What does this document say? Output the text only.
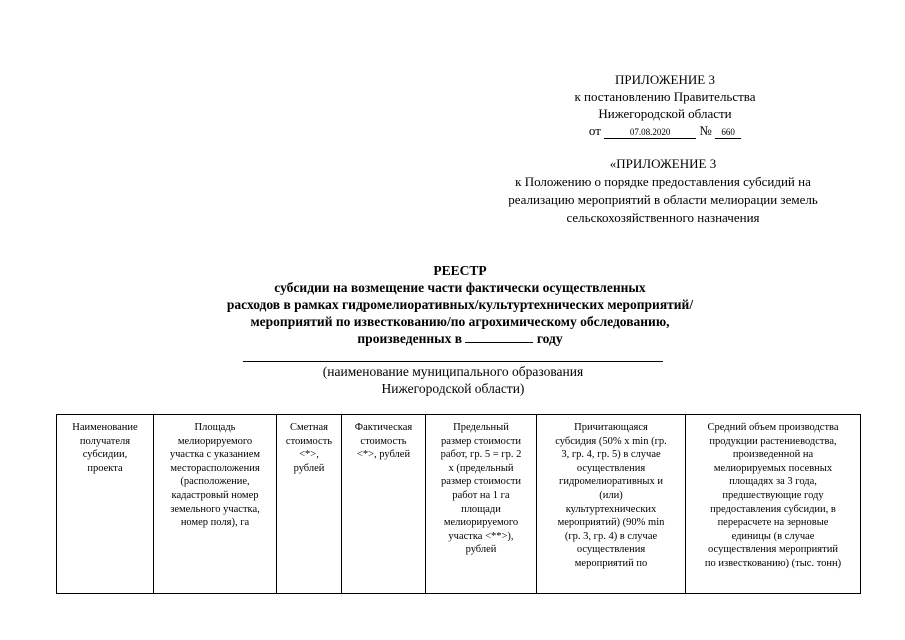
ПРИЛОЖЕНИЕ 3
к постановлению Правительства
Нижегородской области
от	07.08.2020 № 660
«ПРИЛОЖЕНИЕ 3
к Положению о порядке предоставления субсидий на
реализацию мероприятий в области мелиорации земель
сельскохозяйственного назначения
РЕЕСТР
субсидии на возмещение части фактически осуществленных
расходов в рамках гидромелиоративных/культуртехнических мероприятий/
мероприятий по известкованию/по агрохимическому обследованию,
произведенных в	году
(наименование муниципального образования
Нижегородской области)
Наименование
получателя
субсидии,
проекта

Площадь
мелиорируемого
участка с указанием
месторасположения
(расположение,
кадастровый номер
земельного участка,
номер поля), га

Сметная
стоимость
<*>,
рублей

Фактическая
стоимость
<*>, рублей

Предельный
размер стоимости
работ, гр. 5 = гр. 2
х (предельный
размер стоимости
работ на 1 га
площади
мелиорируемого
участка <**>),
рублей

Причитающаяся
субсидия (50% x min (гр.
3, гр. 4, гр. 5) в случае
осуществления
гидромелиоративных и
(или)
культуртехнических
мероприятий) (90% min
(гр. 3, гр. 4) в случае
осуществления
мероприятий по

Средний объем производства
продукции растениеводства,
произведенной на
мелиорируемых посевных
площадях за 3 года,
предшествующие году
предоставления субсидии, в
перерасчете на зерновые
единицы (в случае
осуществления мероприятий
по известкованию) (тыс. тонн)
